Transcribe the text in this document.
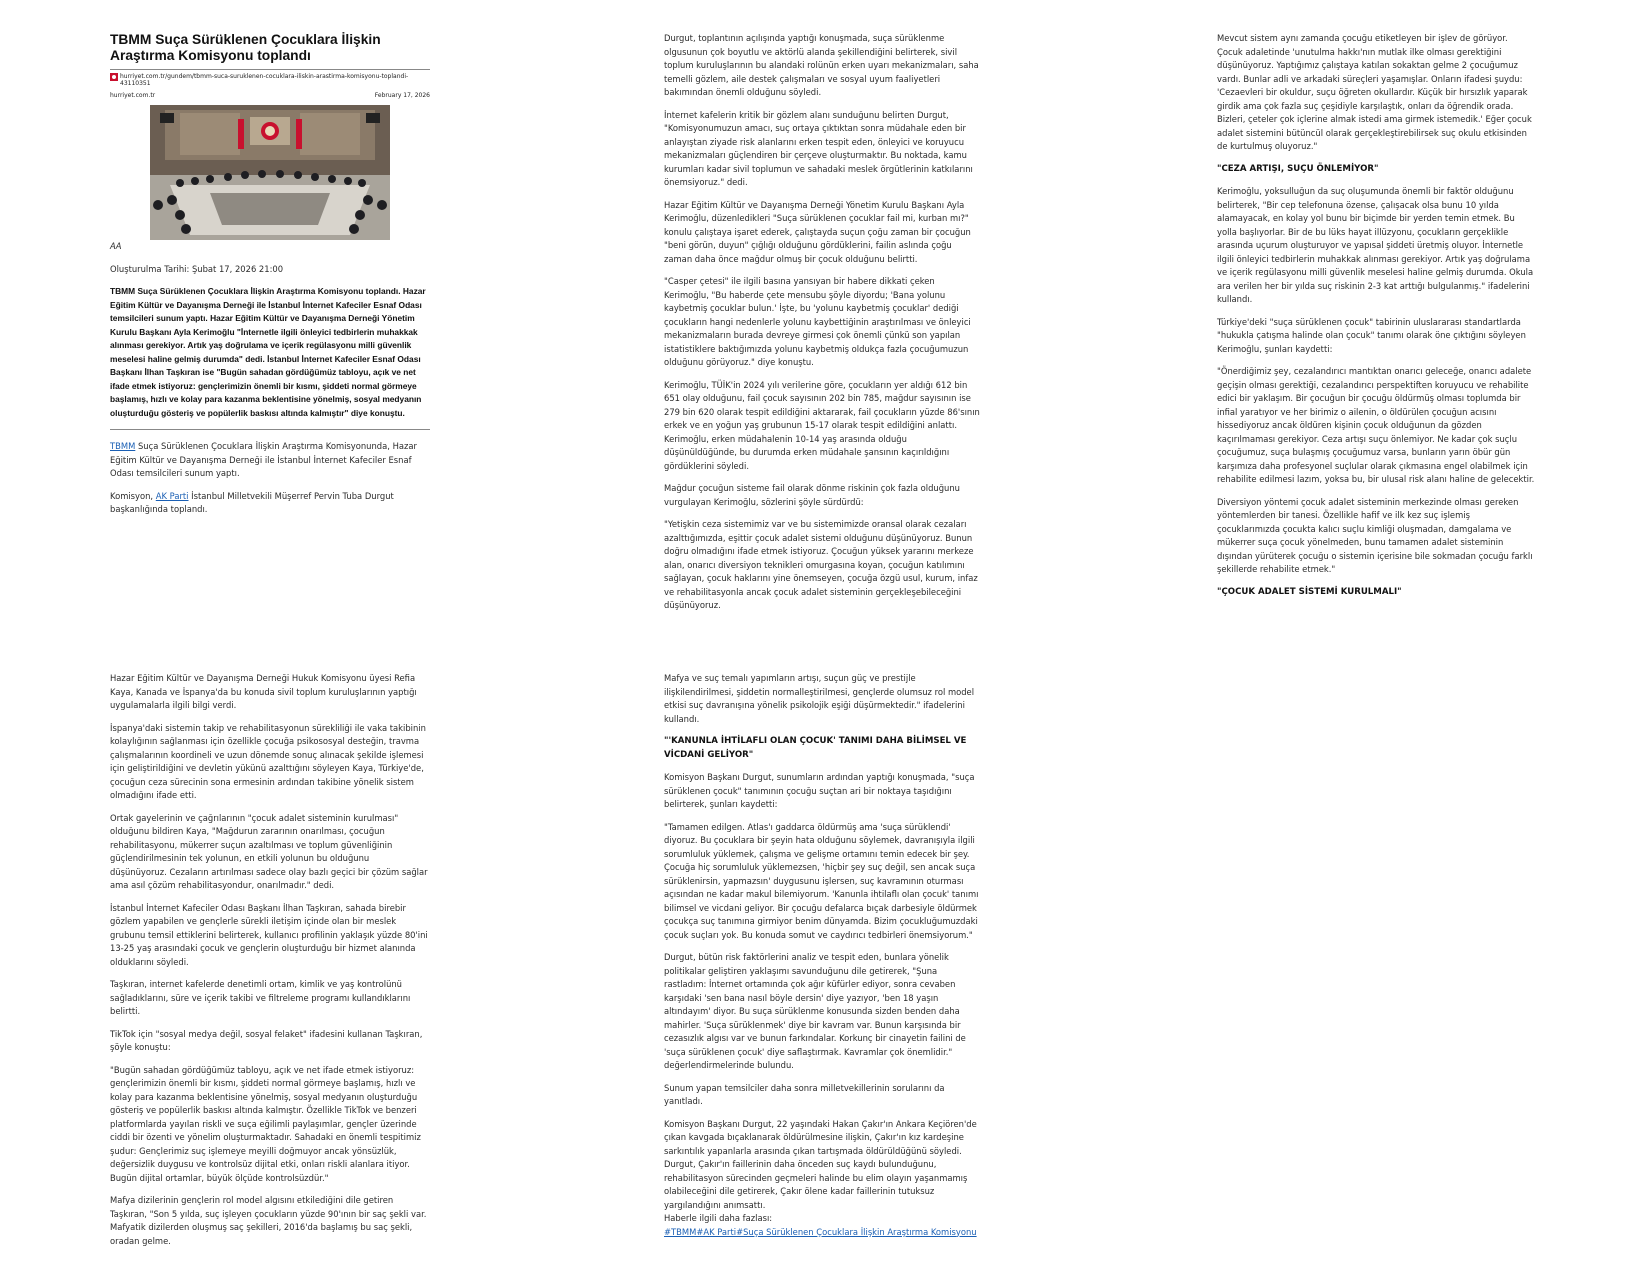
TBMM Suça Sürüklenen Çocuklara İlişkin Araştırma Komisyonu toplandı
hurriyet.com.tr/gundem/tbmm-suca-suruklenen-cocuklara-iliskin-arastirma-komisyonu-toplandi-43110351
hurriyet.com.tr	February 17, 2026

AA

Oluşturulma Tarihi: Şubat 17, 2026 21:00

TBMM Suça Sürüklenen Çocuklara İlişkin Araştırma Komisyonu toplandı. Hazar Eğitim Kültür ve Dayanışma Derneği ile İstanbul İnternet Kafeciler Esnaf Odası temsilcileri sunum yaptı. Hazar Eğitim Kültür ve Dayanışma Derneği Yönetim Kurulu Başkanı Ayla Kerimoğlu "İnternetle ilgili önleyici tedbirlerin muhakkak alınması gerekiyor. Artık yaş doğrulama ve içerik regülasyonu milli güvenlik meselesi haline gelmiş durumda" dedi. İstanbul İnternet Kafeciler Esnaf Odası Başkanı İlhan Taşkıran ise "Bugün sahadan gördüğümüz tabloyu, açık ve net ifade etmek istiyoruz: gençlerimizin önemli bir kısmı, şiddeti normal görmeye başlamış, hızlı ve kolay para kazanma beklentisine yönelmiş, sosyal medyanın oluşturduğu gösteriş ve popülerlik baskısı altında kalmıştır" diye konuştu.

TBMM Suça Sürüklenen Çocuklara İlişkin Araştırma Komisyonunda, Hazar Eğitim Kültür ve Dayanışma Derneği ile İstanbul İnternet Kafeciler Esnaf Odası temsilcileri sunum yaptı.

Komisyon, AK Parti İstanbul Milletvekili Müşerref Pervin Tuba Durgut başkanlığında toplandı.

Durgut, toplantının açılışında yaptığı konuşmada, suça sürüklenme olgusunun çok boyutlu ve aktörlü alanda şekillendiğini belirterek, sivil toplum kuruluşlarının bu alandaki rolünün erken uyarı mekanizmaları, saha temelli gözlem, aile destek çalışmaları ve sosyal uyum faaliyetleri bakımından önemli olduğunu söyledi.

İnternet kafelerin kritik bir gözlem alanı sunduğunu belirten Durgut, "Komisyonumuzun amacı, suç ortaya çıktıktan sonra müdahale eden bir anlayıştan ziyade risk alanlarını erken tespit eden, önleyici ve koruyucu mekanizmaları güçlendiren bir çerçeve oluşturmaktır. Bu noktada, kamu kurumları kadar sivil toplumun ve sahadaki meslek örgütlerinin katkılarını önemsiyoruz." dedi.

Hazar Eğitim Kültür ve Dayanışma Derneği Yönetim Kurulu Başkanı Ayla Kerimoğlu, düzenledikleri "Suça sürüklenen çocuklar fail mi, kurban mı?" konulu çalıştaya işaret ederek, çalıştayda suçun çoğu zaman bir çocuğun "beni görün, duyun" çığlığı olduğunu gördüklerini, failin aslında çoğu zaman daha önce mağdur olmuş bir çocuk olduğunu belirtti.

"Casper çetesi" ile ilgili basına yansıyan bir habere dikkati çeken Kerimoğlu, "Bu haberde çete mensubu şöyle diyordu; 'Bana yolunu kaybetmiş çocuklar bulun.' İşte, bu 'yolunu kaybetmiş çocuklar' dediği çocukların hangi nedenlerle yolunu kaybettiğinin araştırılması ve önleyici mekanizmaların burada devreye girmesi çok önemli çünkü son yapılan istatistiklere baktığımızda yolunu kaybetmiş oldukça fazla çocuğumuzun olduğunu görüyoruz." diye konuştu.

Kerimoğlu, TÜİK'in 2024 yılı verilerine göre, çocukların yer aldığı 612 bin 651 olay olduğunu, fail çocuk sayısının 202 bin 785, mağdur sayısının ise 279 bin 620 olarak tespit edildiğini aktararak, fail çocukların yüzde 86'sının erkek ve en yoğun yaş grubunun 15-17 olarak tespit edildiğini anlattı. Kerimoğlu, erken müdahalenin 10-14 yaş arasında olduğu düşünüldüğünde, bu durumda erken müdahale şansının kaçırıldığını gördüklerini söyledi.

Mağdur çocuğun sisteme fail olarak dönme riskinin çok fazla olduğunu vurgulayan Kerimoğlu, sözlerini şöyle sürdürdü:

"Yetişkin ceza sistemimiz var ve bu sistemimizde oransal olarak cezaları azalttığımızda, eşittir çocuk adalet sistemi olduğunu düşünüyoruz. Bunun doğru olmadığını ifade etmek istiyoruz. Çocuğun yüksek yararını merkeze alan, onarıcı diversiyon teknikleri omurgasına koyan, çocuğun katılımını sağlayan, çocuk haklarını yine önemseyen, çocuğa özgü usul, kurum, infaz ve rehabilitasyonla ancak çocuk adalet sisteminin gerçekleşebileceğini düşünüyoruz.

Mevcut sistem aynı zamanda çocuğu etiketleyen bir işlev de görüyor. Çocuk adaletinde 'unutulma hakkı'nın mutlak ilke olması gerektiğini düşünüyoruz. Yaptığımız çalıştaya katılan sokaktan gelme 2 çocuğumuz vardı. Bunlar adli ve arkadaki süreçleri yaşamışlar. Onların ifadesi şuydu: 'Cezaevleri bir okuldur, suçu öğreten okullardır. Küçük bir hırsızlık yaparak girdik ama çok fazla suç çeşidiyle karşılaştık, onları da öğrendik orada. Bizleri, çeteler çok içlerine almak istedi ama girmek istemedik.' Eğer çocuk adalet sistemini bütüncül olarak gerçekleştirebilirsek suç okulu etkisinden de kurtulmuş oluyoruz."

"CEZA ARTIŞI, SUÇU ÖNLEMİYOR"

Kerimoğlu, yoksulluğun da suç oluşumunda önemli bir faktör olduğunu belirterek, "Bir cep telefonuna özense, çalışacak olsa bunu 10 yılda alamayacak, en kolay yol bunu bir biçimde bir yerden temin etmek. Bu yolla başlıyorlar. Bir de bu lüks hayat illüzyonu, çocukların gerçeklikle arasında uçurum oluşturuyor ve yapısal şiddeti üretmiş oluyor. İnternetle ilgili önleyici tedbirlerin muhakkak alınması gerekiyor. Artık yaş doğrulama ve içerik regülasyonu milli güvenlik meselesi haline gelmiş durumda. Okula ara verilen her bir yılda suç riskinin 2-3 kat arttığı bulgulanmış." ifadelerini kullandı.

Türkiye'deki "suça sürüklenen çocuk" tabirinin uluslararası standartlarda "hukukla çatışma halinde olan çocuk" tanımı olarak öne çıktığını söyleyen Kerimoğlu, şunları kaydetti:

"Önerdiğimiz şey, cezalandırıcı mantıktan onarıcı geleceğe, onarıcı adalete geçişin olması gerektiği, cezalandırıcı perspektiften koruyucu ve rehabilite edici bir yaklaşım. Bir çocuğun bir çocuğu öldürmüş olması toplumda bir infial yaratıyor ve her birimiz o ailenin, o öldürülen çocuğun acısını hissediyoruz ancak öldüren kişinin çocuk olduğunun da gözden kaçırılmaması gerekiyor. Ceza artışı suçu önlemiyor. Ne kadar çok suçlu çocuğumuz, suça bulaşmış çocuğumuz varsa, bunların yarın öbür gün karşımıza daha profesyonel suçlular olarak çıkmasına engel olabilmek için rehabilite edilmesi lazım, yoksa bu, bir ulusal risk alanı haline de gelecektir.

Diversiyon yöntemi çocuk adalet sisteminin merkezinde olması gereken yöntemlerden bir tanesi. Özellikle hafif ve ilk kez suç işlemiş çocuklarımızda çocukta kalıcı suçlu kimliği oluşmadan, damgalama ve mükerrer suça çocuk yönelmeden, bunu tamamen adalet sisteminin dışından yürüterek çocuğu o sistemin içerisine bile sokmadan çocuğu farklı şekillerde rehabilite etmek."

"ÇOCUK ADALET SİSTEMİ KURULMALI"

Hazar Eğitim Kültür ve Dayanışma Derneği Hukuk Komisyonu üyesi Refia Kaya, Kanada ve İspanya'da bu konuda sivil toplum kuruluşlarının yaptığı uygulamalarla ilgili bilgi verdi.

İspanya'daki sistemin takip ve rehabilitasyonun sürekliliği ile vaka takibinin kolaylığının sağlanması için özellikle çocuğa psikososyal desteğin, travma çalışmalarının koordineli ve uzun dönemde sonuç alınacak şekilde işlemesi için geliştirildiğini ve devletin yükünü azalttığını söyleyen Kaya, Türkiye'de, çocuğun ceza sürecinin sona ermesinin ardından takibine yönelik sistem olmadığını ifade etti.

Ortak gayelerinin ve çağrılarının "çocuk adalet sisteminin kurulması" olduğunu bildiren Kaya, "Mağdurun zararının onarılması, çocuğun rehabilitasyonu, mükerrer suçun azaltılması ve toplum güvenliğinin güçlendirilmesinin tek yolunun, en etkili yolunun bu olduğunu düşünüyoruz. Cezaların artırılması sadece olay bazlı geçici bir çözüm sağlar ama asıl çözüm rehabilitasyondur, onarılmadır." dedi.

İstanbul İnternet Kafeciler Odası Başkanı İlhan Taşkıran, sahada birebir gözlem yapabilen ve gençlerle sürekli iletişim içinde olan bir meslek grubunu temsil ettiklerini belirterek, kullanıcı profilinin yaklaşık yüzde 80'ini 13-25 yaş arasındaki çocuk ve gençlerin oluşturduğu bir hizmet alanında olduklarını söyledi.

Taşkıran, internet kafelerde denetimli ortam, kimlik ve yaş kontrolünü sağladıklarını, süre ve içerik takibi ve filtreleme programı kullandıklarını belirtti.

TikTok için "sosyal medya değil, sosyal felaket" ifadesini kullanan Taşkıran, şöyle konuştu:

"Bugün sahadan gördüğümüz tabloyu, açık ve net ifade etmek istiyoruz: gençlerimizin önemli bir kısmı, şiddeti normal görmeye başlamış, hızlı ve kolay para kazanma beklentisine yönelmiş, sosyal medyanın oluşturduğu gösteriş ve popülerlik baskısı altında kalmıştır. Özellikle TikTok ve benzeri platformlarda yayılan riskli ve suça eğilimli paylaşımlar, gençler üzerinde ciddi bir özenti ve yönelim oluşturmaktadır. Sahadaki en önemli tespitimiz şudur: Gençlerimiz suç işlemeye meyilli doğmuyor ancak yönsüzlük, değersizlik duygusu ve kontrolsüz dijital etki, onları riskli alanlara itiyor. Bugün dijital ortamlar, büyük ölçüde kontrolsüzdür."

Mafya dizilerinin gençlerin rol model algısını etkilediğini dile getiren Taşkıran, "Son 5 yılda, suç işleyen çocukların yüzde 90'ının bir saç şekli var. Mafyatik dizilerden oluşmuş saç şekilleri, 2016'da başlamış bu saç şekli, oradan gelme.

Mafya ve suç temalı yapımların artışı, suçun güç ve prestijle ilişkilendirilmesi, şiddetin normalleştirilmesi, gençlerde olumsuz rol model etkisi suç davranışına yönelik psikolojik eşiği düşürmektedir." ifadelerini kullandı.

"'KANUNLA İHTİLAFLI OLAN ÇOCUK' TANIMI DAHA BİLİMSEL VE VİCDANİ GELİYOR"

Komisyon Başkanı Durgut, sunumların ardından yaptığı konuşmada, "suça sürüklenen çocuk" tanımının çocuğu suçtan ari bir noktaya taşıdığını belirterek, şunları kaydetti:

"Tamamen edilgen. Atlas'ı gaddarca öldürmüş ama 'suça sürüklendi' diyoruz. Bu çocuklara bir şeyin hata olduğunu söylemek, davranışıyla ilgili sorumluluk yüklemek, çalışma ve gelişme ortamını temin edecek bir şey. Çocuğa hiç sorumluluk yüklemezsen, 'hiçbir şey suç değil, sen ancak suça sürüklenirsin, yapmazsın' duygusunu işlersen, suç kavramının oturması açısından ne kadar makul bilemiyorum. 'Kanunla ihtilaflı olan çocuk' tanımı bilimsel ve vicdani geliyor. Bir çocuğu defalarca bıçak darbesiyle öldürmek çocukça suç tanımına girmiyor benim dünyamda. Bizim çocukluğumuzdaki çocuk suçları yok. Bu konuda somut ve caydırıcı tedbirleri önemsiyorum."

Durgut, bütün risk faktörlerini analiz ve tespit eden, bunlara yönelik politikalar geliştiren yaklaşımı savunduğunu dile getirerek, "Şuna rastladım: İnternet ortamında çok ağır küfürler ediyor, sonra cevaben karşıdaki 'sen bana nasıl böyle dersin' diye yazıyor, 'ben 18 yaşın altındayım' diyor. Bu suça sürüklenme konusunda sizden benden daha mahirler. 'Suça sürüklenmek' diye bir kavram var. Bunun karşısında bir cezasızlık algısı var ve bunun farkındalar. Korkunç bir cinayetin failini de 'suça sürüklenen çocuk' diye saflaştırmak. Kavramlar çok önemlidir." değerlendirmelerinde bulundu.

Sunum yapan temsilciler daha sonra milletvekillerinin sorularını da yanıtladı.

Komisyon Başkanı Durgut, 22 yaşındaki Hakan Çakır'ın Ankara Keçiören'de çıkan kavgada bıçaklanarak öldürülmesine ilişkin, Çakır'ın kız kardeşine sarkıntılık yapanlarla arasında çıkan tartışmada öldürüldüğünü söyledi. Durgut, Çakır'ın faillerinin daha önceden suç kaydı bulunduğunu, rehabilitasyon sürecinden geçmeleri halinde bu elim olayın yaşanmamış olabileceğini dile getirerek, Çakır ölene kadar faillerinin tutuksuz yargılandığını anımsattı.

Haberle ilgili daha fazlası:

#TBMM#AK Parti#Suça Sürüklenen Çocuklara İlişkin Araştırma Komisyonu
